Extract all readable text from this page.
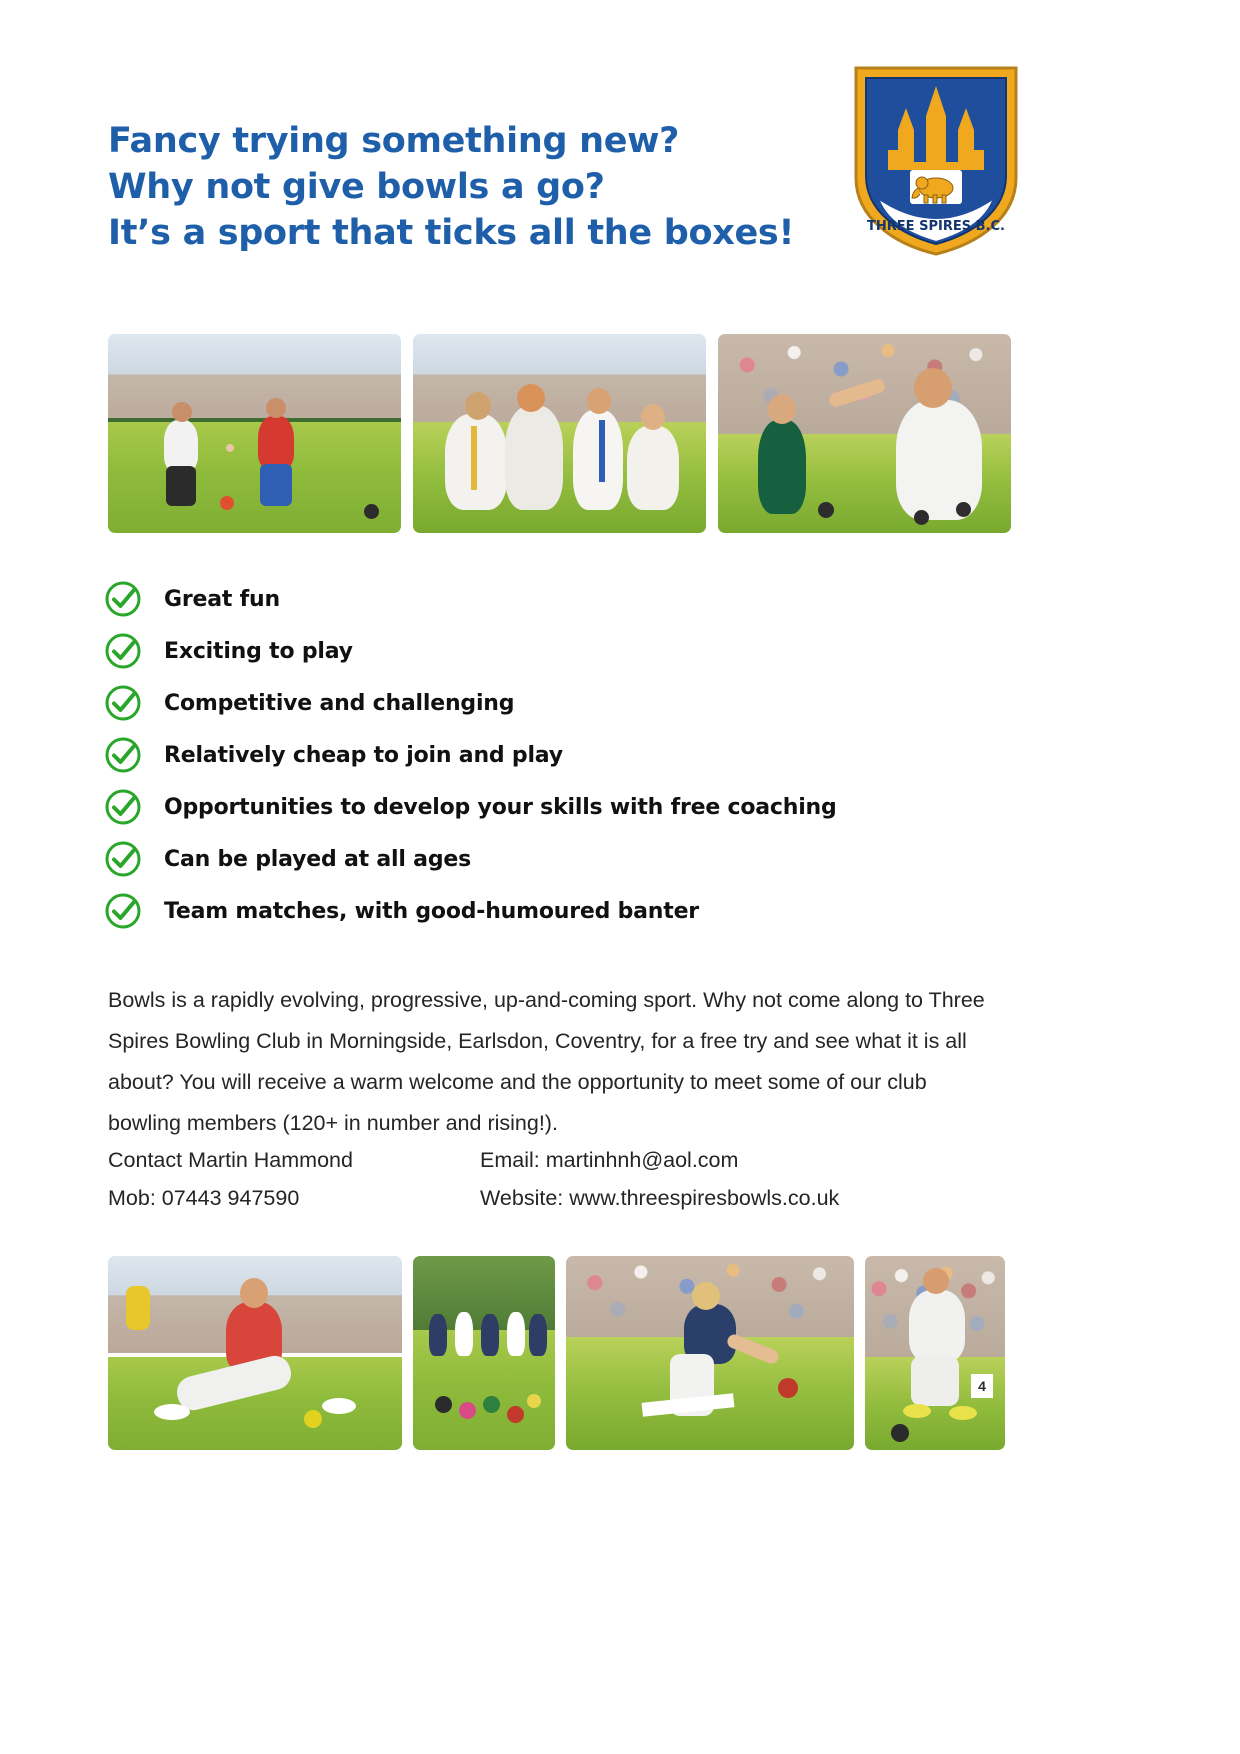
Fancy trying something new?
Why not give bowls a go?
It’s a sport that ticks all the boxes!	THREE SPIRES B.C.
Great fun
Exciting to play
Competitive and challenging
Relatively cheap to join and play
Opportunities to develop your skills with free coaching
Can be played at all ages
Team matches, with good-humoured banter

Bowls is a rapidly evolving, progressive, up-and-coming sport. Why not come along to Three Spires Bowling Club in Morningside, Earlsdon, Coventry, for a free try and see what it is all about? You will receive a warm welcome and the opportunity to meet some of our club bowling members (120+ in number and rising!).

Contact Martin Hammond	Email: martinhnh@aol.com
Mob: 07443 947590	Website: www.threespiresbowls.co.uk
4
